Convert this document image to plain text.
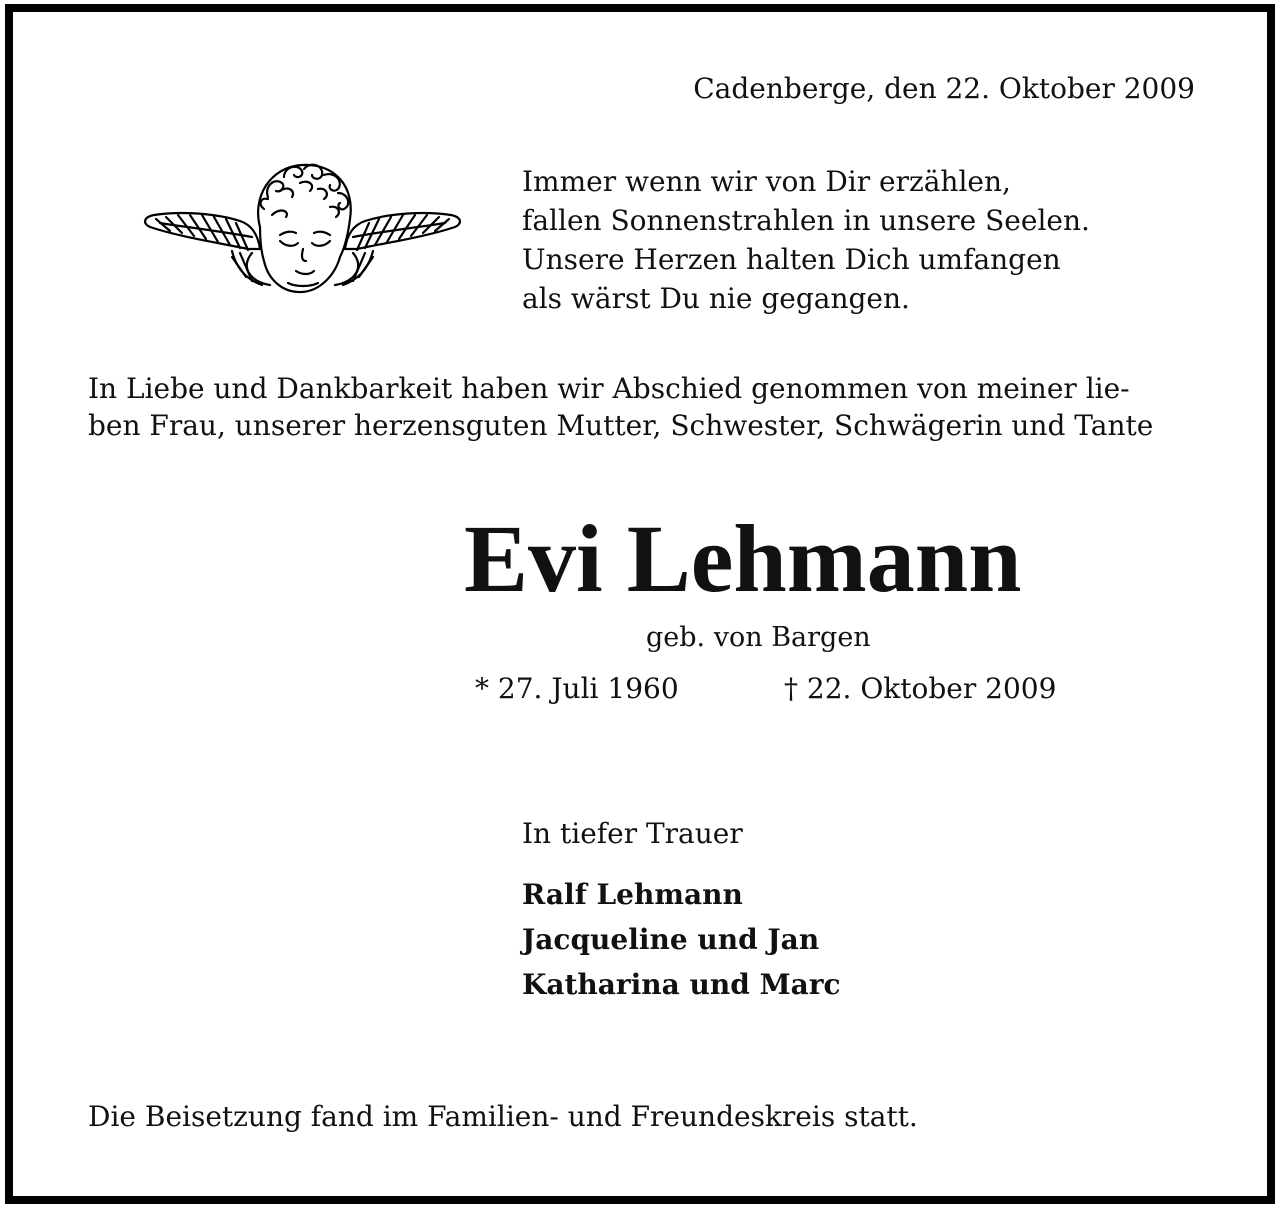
Cadenberge, den 22. Oktober 2009
Immer wenn wir von Dir erzählen,
fallen Sonnenstrahlen in unsere Seelen.
Unsere Herzen halten Dich umfangen
als wärst Du nie gegangen.
In Liebe und Dankbarkeit haben wir Abschied genommen von meiner lie-
ben Frau, unserer herzensguten Mutter, Schwester, Schwägerin und Tante
Evi Lehmann
geb. von Bargen
* 27. Juli 1960	† 22. Oktober 2009
In tiefer Trauer
Ralf Lehmann
Jacqueline und Jan
Katharina und Marc
Die Beisetzung fand im Familien- und Freundeskreis statt.
